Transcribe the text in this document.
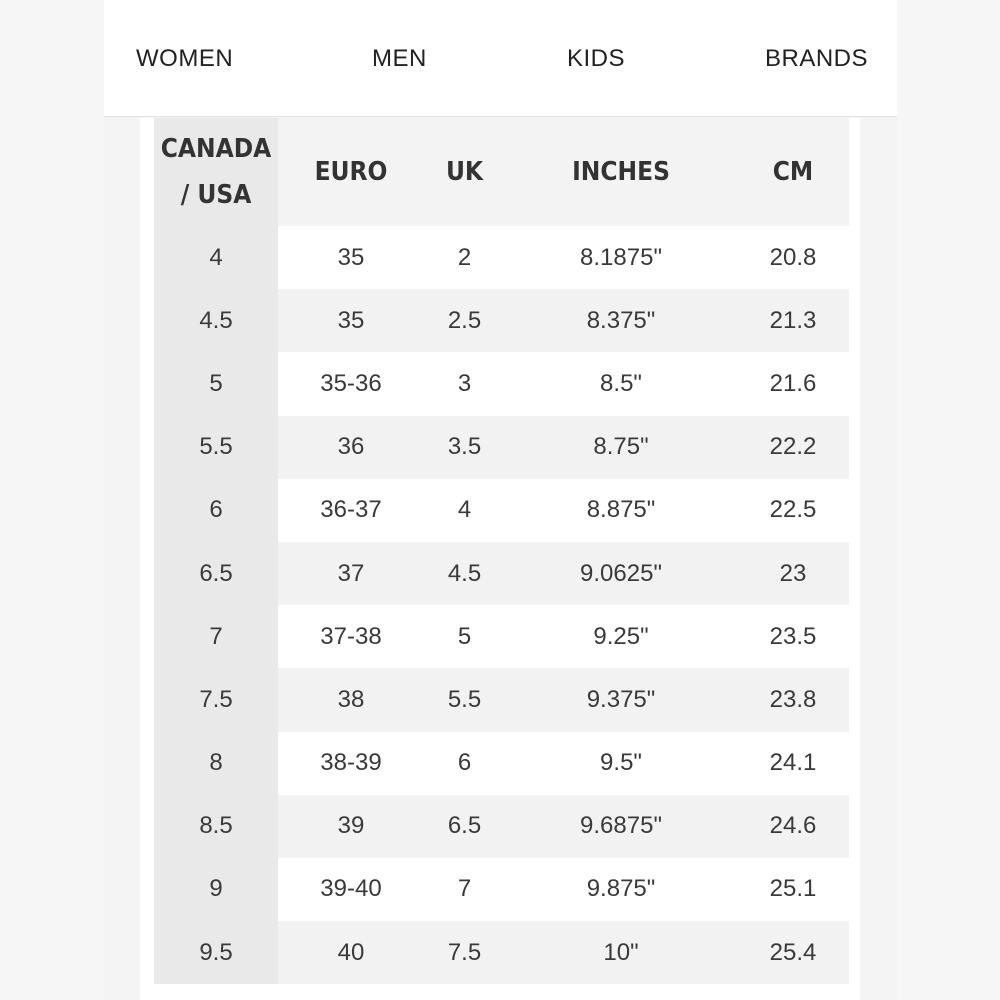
WOMEN	MEN	KIDS	BRANDS
CANADA
/ USA	EURO	UK	INCHES	CM
4	35	2	8.1875"	20.8
4.5	35	2.5	8.375"	21.3
5	35-36	3	8.5"	21.6
5.5	36	3.5	8.75"	22.2
6	36-37	4	8.875"	22.5
6.5	37	4.5	9.0625"	23
7	37-38	5	9.25"	23.5
7.5	38	5.5	9.375"	23.8
8	38-39	6	9.5"	24.1
8.5	39	6.5	9.6875"	24.6
9	39-40	7	9.875"	25.1
9.5	40	7.5	10"	25.4
